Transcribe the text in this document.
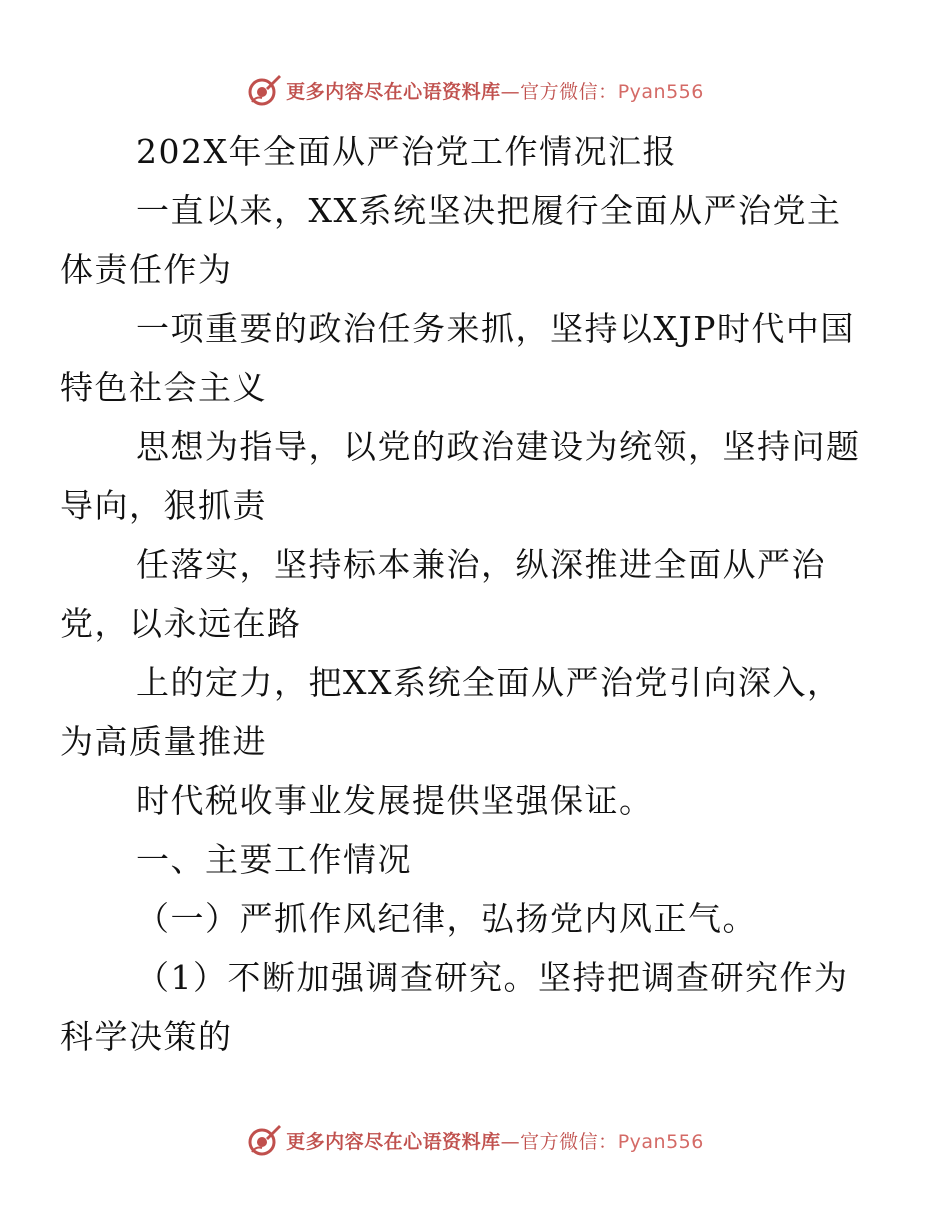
更多内容尽在心语资料库—官方微信：Pyan556
202X年全面从严治党工作情况汇报
一直以来，XX系统坚决把履行全面从严治党主
体责任作为
一项重要的政治任务来抓，坚持以XJP时代中国
特色社会主义
思想为指导，以党的政治建设为统领，坚持问题
导向，狠抓责
任落实，坚持标本兼治，纵深推进全面从严治
党，以永远在路
上的定力，把XX系统全面从严治党引向深入，
为高质量推进
时代税收事业发展提供坚强保证。
一、主要工作情况
（一）严抓作风纪律，弘扬党内风正气。
（1）不断加强调查研究。坚持把调查研究作为
科学决策的
更多内容尽在心语资料库—官方微信：Pyan556
